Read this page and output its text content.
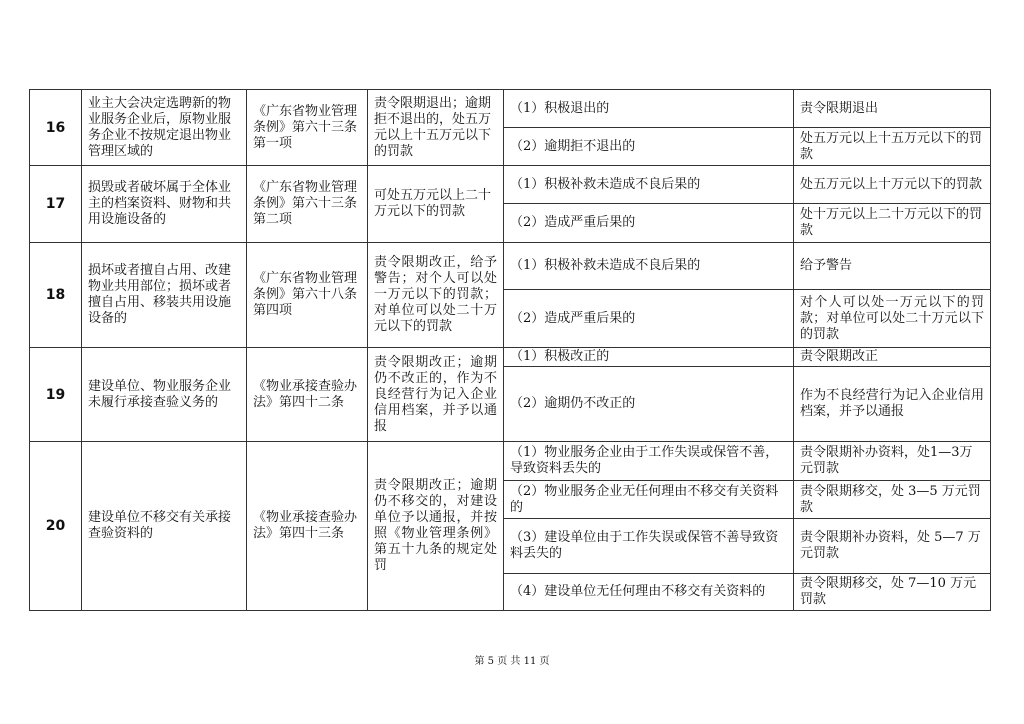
16	业主大会决定选聘新的物业服务企业后，原物业服务企业不按规定退出物业管理区域的	《广东省物业管理条例》第六十三条第一项	责令限期退出；逾期拒不退出的，处五万元以上十五万元以下的罚款	（1）积极退出的	责令限期退出
				（2）逾期拒不退出的	处五万元以上十五万元以下的罚款
17	损毁或者破坏属于全体业主的档案资料、财物和共用设施设备的	《广东省物业管理条例》第六十三条第二项	可处五万元以上二十万元以下的罚款	（1）积极补救未造成不良后果的	处五万元以上十万元以下的罚款
				（2）造成严重后果的	处十万元以上二十万元以下的罚款
18	损坏或者擅自占用、改建物业共用部位；损坏或者擅自占用、移装共用设施设备的	《广东省物业管理条例》第六十八条第四项	责令限期改正，给予警告；对个人可以处一万元以下的罚款；对单位可以处二十万元以下的罚款	（1）积极补救未造成不良后果的	给予警告
				（2）造成严重后果的	对个人可以处一万元以下的罚款；对单位可以处二十万元以下的罚款
19	建设单位、物业服务企业未履行承接查验义务的	《物业承接查验办法》第四十二条	责令限期改正；逾期仍不改正的，作为不良经营行为记入企业信用档案，并予以通报	（1）积极改正的	责令限期改正
				（2）逾期仍不改正的	作为不良经营行为记入企业信用档案，并予以通报
20	建设单位不移交有关承接查验资料的	《物业承接查验办法》第四十三条	责令限期改正；逾期仍不移交的，对建设单位予以通报，并按照《物业管理条例》第五十九条的规定处罚	（1）物业服务企业由于工作失误或保管不善，导致资料丢失的	责令限期补办资料，处1—3万元罚款
				（2）物业服务企业无任何理由不移交有关资料的	责令限期移交，处 3—5 万元罚款
				（3）建设单位由于工作失误或保管不善导致资料丢失的	责令限期补办资料，处 5—7 万元罚款
				（4）建设单位无任何理由不移交有关资料的	责令限期移交，处 7—10 万元罚款
第 5 页 共 11 页
